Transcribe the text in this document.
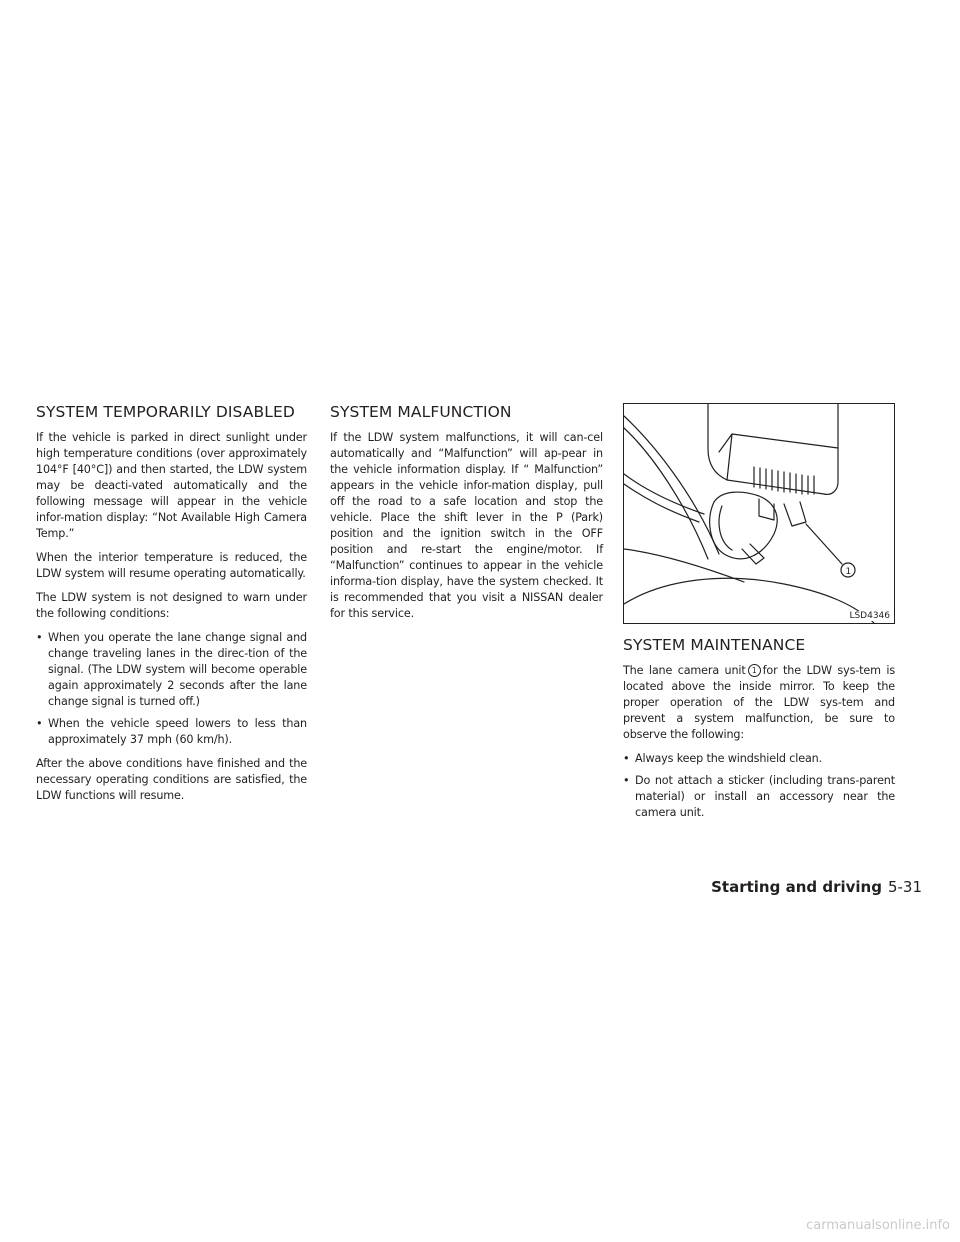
SYSTEM TEMPORARILY DISABLED

If the vehicle is parked in direct sunlight under high temperature conditions (over approximately 104°F [40°C]) and then started, the LDW system may be deacti-vated automatically and the following message will appear in the vehicle infor-mation display: “Not Available High Camera Temp.”

When the interior temperature is reduced, the LDW system will resume operating automatically.

The LDW system is not designed to warn under the following conditions:

• When you operate the lane change signal and change traveling lanes in the direc-tion of the signal. (The LDW system will become operable again approximately 2 seconds after the lane change signal is turned off.)
• When the vehicle speed lowers to less than approximately 37 mph (60 km/h).

After the above conditions have finished and the necessary operating conditions are satisfied, the LDW functions will resume.

SYSTEM MALFUNCTION

If the LDW system malfunctions, it will can-cel automatically and “Malfunction” will ap-pear in the vehicle information display. If “ Malfunction” appears in the vehicle infor-mation display, pull off the road to a safe location and stop the vehicle. Place the shift lever in the P (Park) position and the ignition switch in the OFF position and re-start the engine/motor. If “Malfunction” continues to appear in the vehicle informa-tion display, have the system checked. It is recommended that you visit a NISSAN dealer for this service.

1
LSD4346
SYSTEM MAINTENANCE

The lane camera unit 1 for the LDW sys-tem is located above the inside mirror. To keep the proper operation of the LDW sys-tem and prevent a system malfunction, be sure to observe the following:

• Always keep the windshield clean.
• Do not attach a sticker (including trans-parent material) or install an accessory near the camera unit.
Starting and driving 5-31
carmanualsonline.info
